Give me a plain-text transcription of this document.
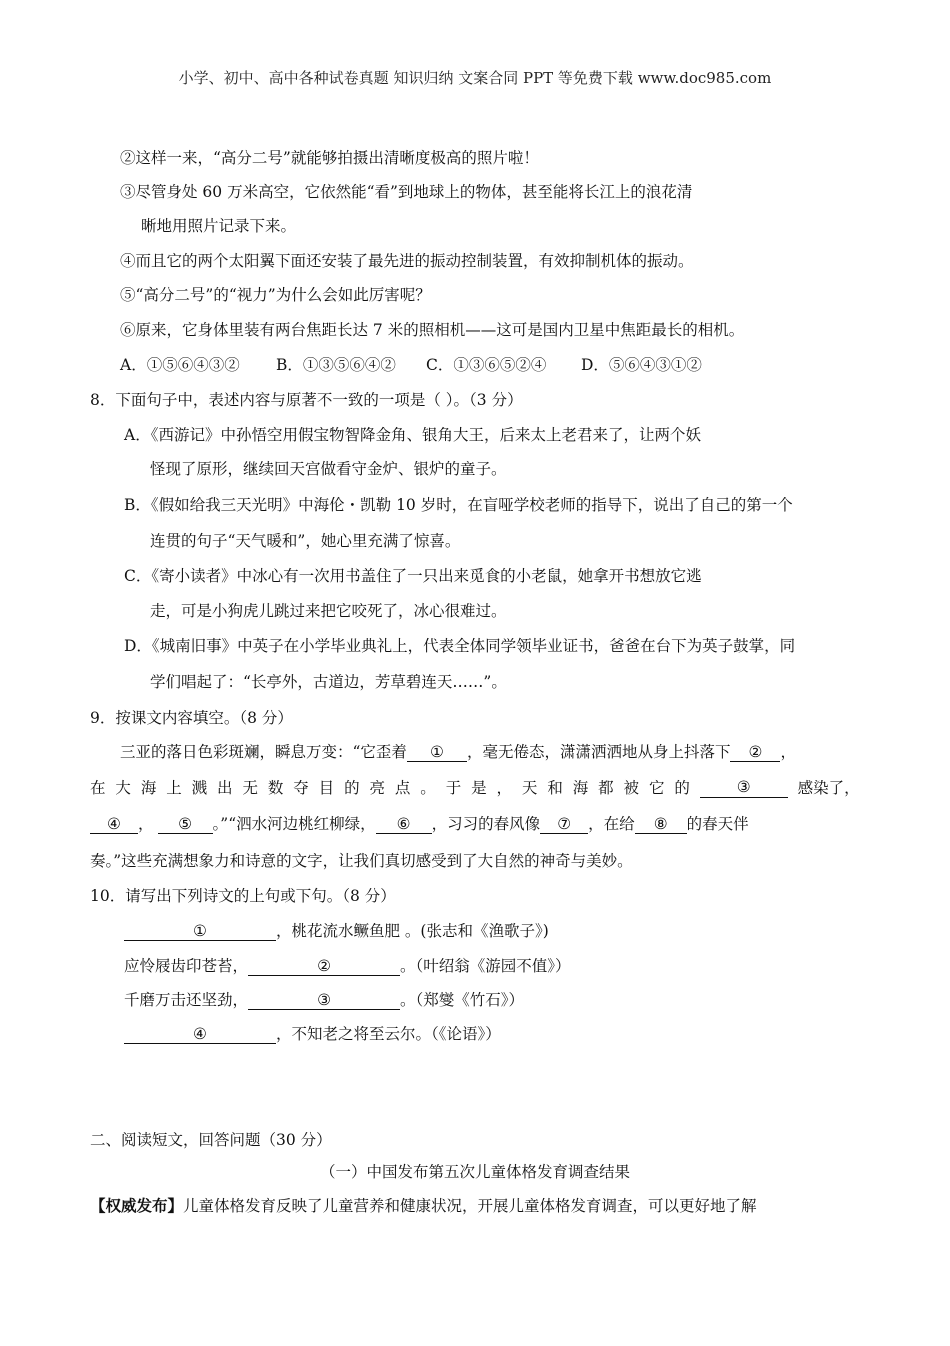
小学、初中、高中各种试卷真题 知识归纳 文案合同 PPT 等免费下载 www.doc985.com
②这样一来，“高分二号”就能够拍摄出清晰度极高的照片啦！
③尽管身处 60 万米高空，它依然能“看”到地球上的物体，甚至能将长江上的浪花清
晰地用照片记录下来。
④而且它的两个太阳翼下面还安装了最先进的振动控制装置，有效抑制机体的振动。
⑤“高分二号”的“视力”为什么会如此厉害呢？
⑥原来，它身体里装有两台焦距长达 7 米的照相机——这可是国内卫星中焦距最长的相机。
A．①⑤⑥④③② B．①③⑤⑥④② C．①③⑥⑤②④ D．⑤⑥④③①②
8．下面句子中，表述内容与原著不一致的一项是（ ）。（3 分）
A．《西游记》中孙悟空用假宝物智降金角、银角大王，后来太上老君来了，让两个妖
怪现了原形，继续回天宫做看守金炉、银炉的童子。
B．《假如给我三天光明》中海伦・凯勒 10 岁时，在盲哑学校老师的指导下，说出了自己的第一个
连贯的句子“天气暖和”，她心里充满了惊喜。
C．《寄小读者》中冰心有一次用书盖住了一只出来觅食的小老鼠，她拿开书想放它逃
走，可是小狗虎儿跳过来把它咬死了，冰心很难过。
D．《城南旧事》中英子在小学毕业典礼上，代表全体同学领毕业证书，爸爸在台下为英子鼓掌，同
学们唱起了：“长亭外，古道边，芳草碧连天……”。
9．按课文内容填空。（8 分）
三亚的落日色彩斑斓，瞬息万变：“它歪着 ① ，毫无倦态，潇潇洒洒地从身上抖落下 ② ，
在 大 海 上 溅 出 无 数 夺 目 的 亮 点 。 于 是 ， 天 和 海 都 被 它 的	③	感染了，
④ ， ⑤ 。”“泗水河边桃红柳绿， ⑥ ，习习的春风像 ⑦ ，在给 ⑧ 的春天伴
奏。”这些充满想象力和诗意的文字，让我们真切感受到了大自然的神奇与美妙。
10．请写出下列诗文的上句或下句。（8 分）
①	，桃花流水鳜鱼肥 。(张志和《渔歌子》)
应怜屐齿印苍苔，	②	。（叶绍翁《游园不值》）
千磨万击还坚劲，	③	。（郑燮《竹石》）
④	，不知老之将至云尔。（《论语》）
二、阅读短文，回答问题（30 分）
（一）中国发布第五次儿童体格发育调查结果
【权威发布】儿童体格发育反映了儿童营养和健康状况，开展儿童体格发育调查，可以更好地了解
